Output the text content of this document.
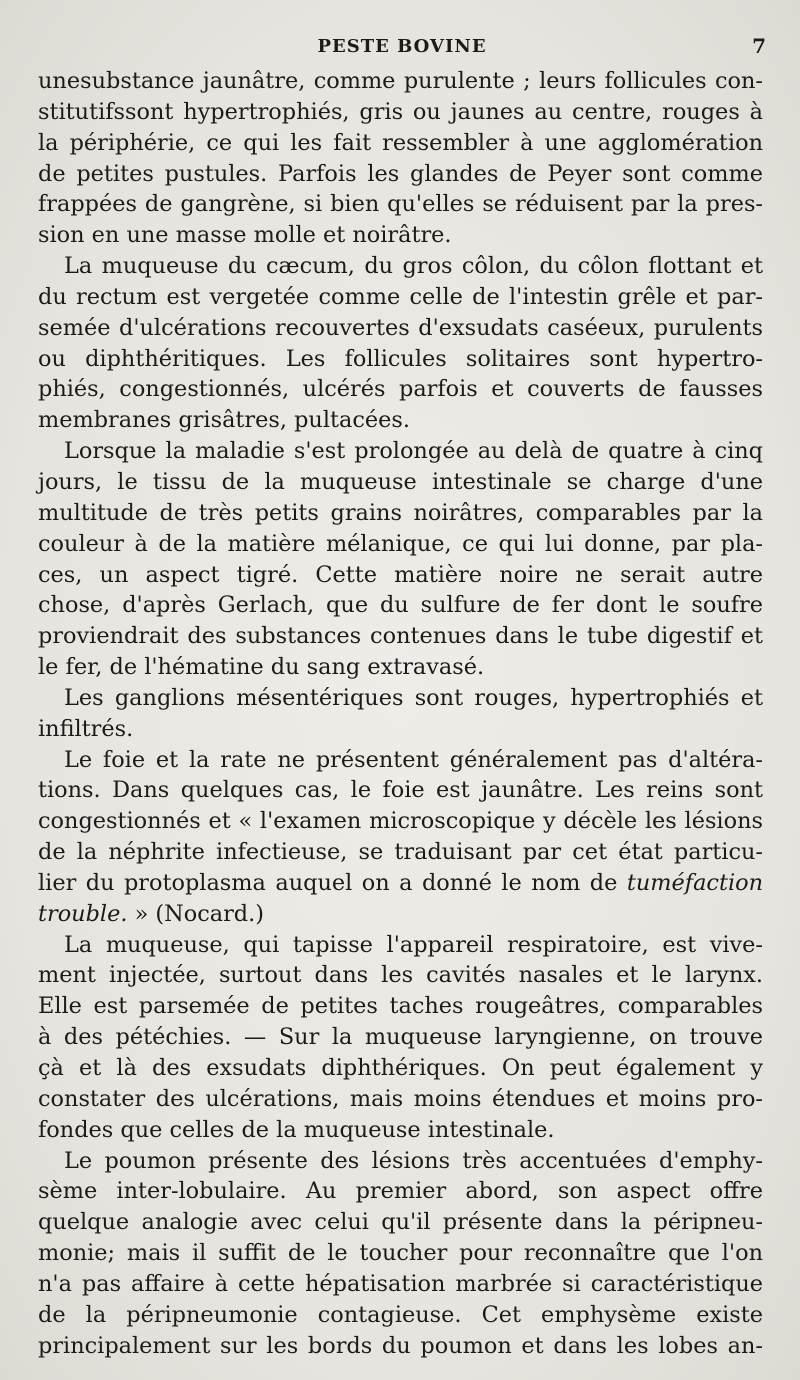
PESTE BOVINE	7
unesubstance jaunâtre, comme purulente ; leurs follicules con-
stitutifssont hypertrophiés, gris ou jaunes au centre, rouges à
la périphérie, ce qui les fait ressembler à une agglomération
de petites pustules. Parfois les glandes de Peyer sont comme
frappées de gangrène, si bien qu'elles se réduisent par la pres-
sion en une masse molle et noirâtre.
La muqueuse du cæcum, du gros côlon, du côlon flottant et
du rectum est vergetée comme celle de l'intestin grêle et par-
semée d'ulcérations recouvertes d'exsudats caséeux, purulents
ou diphthéritiques. Les follicules solitaires sont hypertro-
phiés, congestionnés, ulcérés parfois et couverts de fausses
membranes grisâtres, pultacées.
Lorsque la maladie s'est prolongée au delà de quatre à cinq
jours, le tissu de la muqueuse intestinale se charge d'une
multitude de très petits grains noirâtres, comparables par la
couleur à de la matière mélanique, ce qui lui donne, par pla-
ces, un aspect tigré. Cette matière noire ne serait autre
chose, d'après Gerlach, que du sulfure de fer dont le soufre
proviendrait des substances contenues dans le tube digestif et
le fer, de l'hématine du sang extravasé.
Les ganglions mésentériques sont rouges, hypertrophiés et
infiltrés.
Le foie et la rate ne présentent généralement pas d'altéra-
tions. Dans quelques cas, le foie est jaunâtre. Les reins sont
congestionnés et « l'examen microscopique y décèle les lésions
de la néphrite infectieuse, se traduisant par cet état particu-
lier du protoplasma auquel on a donné le nom de tuméfaction
trouble. » (Nocard.)
La muqueuse, qui tapisse l'appareil respiratoire, est vive-
ment injectée, surtout dans les cavités nasales et le larynx.
Elle est parsemée de petites taches rougeâtres, comparables
à des pétéchies. — Sur la muqueuse laryngienne, on trouve
çà et là des exsudats diphthériques. On peut également y
constater des ulcérations, mais moins étendues et moins pro-
fondes que celles de la muqueuse intestinale.
Le poumon présente des lésions très accentuées d'emphy-
sème inter-lobulaire. Au premier abord, son aspect offre
quelque analogie avec celui qu'il présente dans la péripneu-
monie; mais il suffit de le toucher pour reconnaître que l'on
n'a pas affaire à cette hépatisation marbrée si caractéristique
de la péripneumonie contagieuse. Cet emphysème existe
principalement sur les bords du poumon et dans les lobes an-
